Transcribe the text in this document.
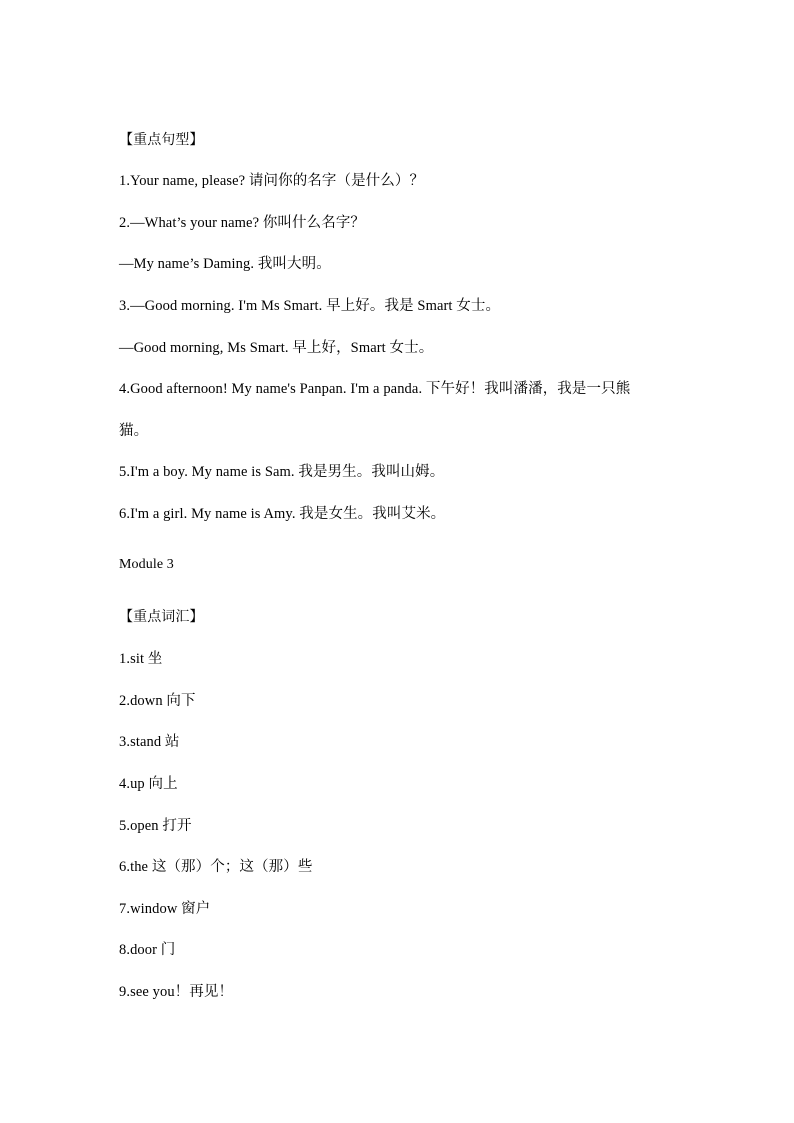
【重点句型】
1.Your name, please? 请问你的名字（是什么）？
2.—What’s your name? 你叫什么名字？
—My name’s Daming. 我叫大明。
3.—Good morning. I'm Ms Smart. 早上好。我是 Smart 女士。
—Good morning, Ms Smart. 早上好，Smart 女士。
4.Good afternoon! My name's Panpan. I'm a panda. 下午好！我叫潘潘，我是一只熊
猫。
5.I'm a boy. My name is Sam. 我是男生。我叫山姆。
6.I'm a girl. My name is Amy. 我是女生。我叫艾米。
Module 3
【重点词汇】
1.sit 坐
2.down 向下
3.stand 站
4.up 向上
5.open 打开
6.the 这（那）个；这（那）些
7.window 窗户
8.door 门
9.see you！再见！
